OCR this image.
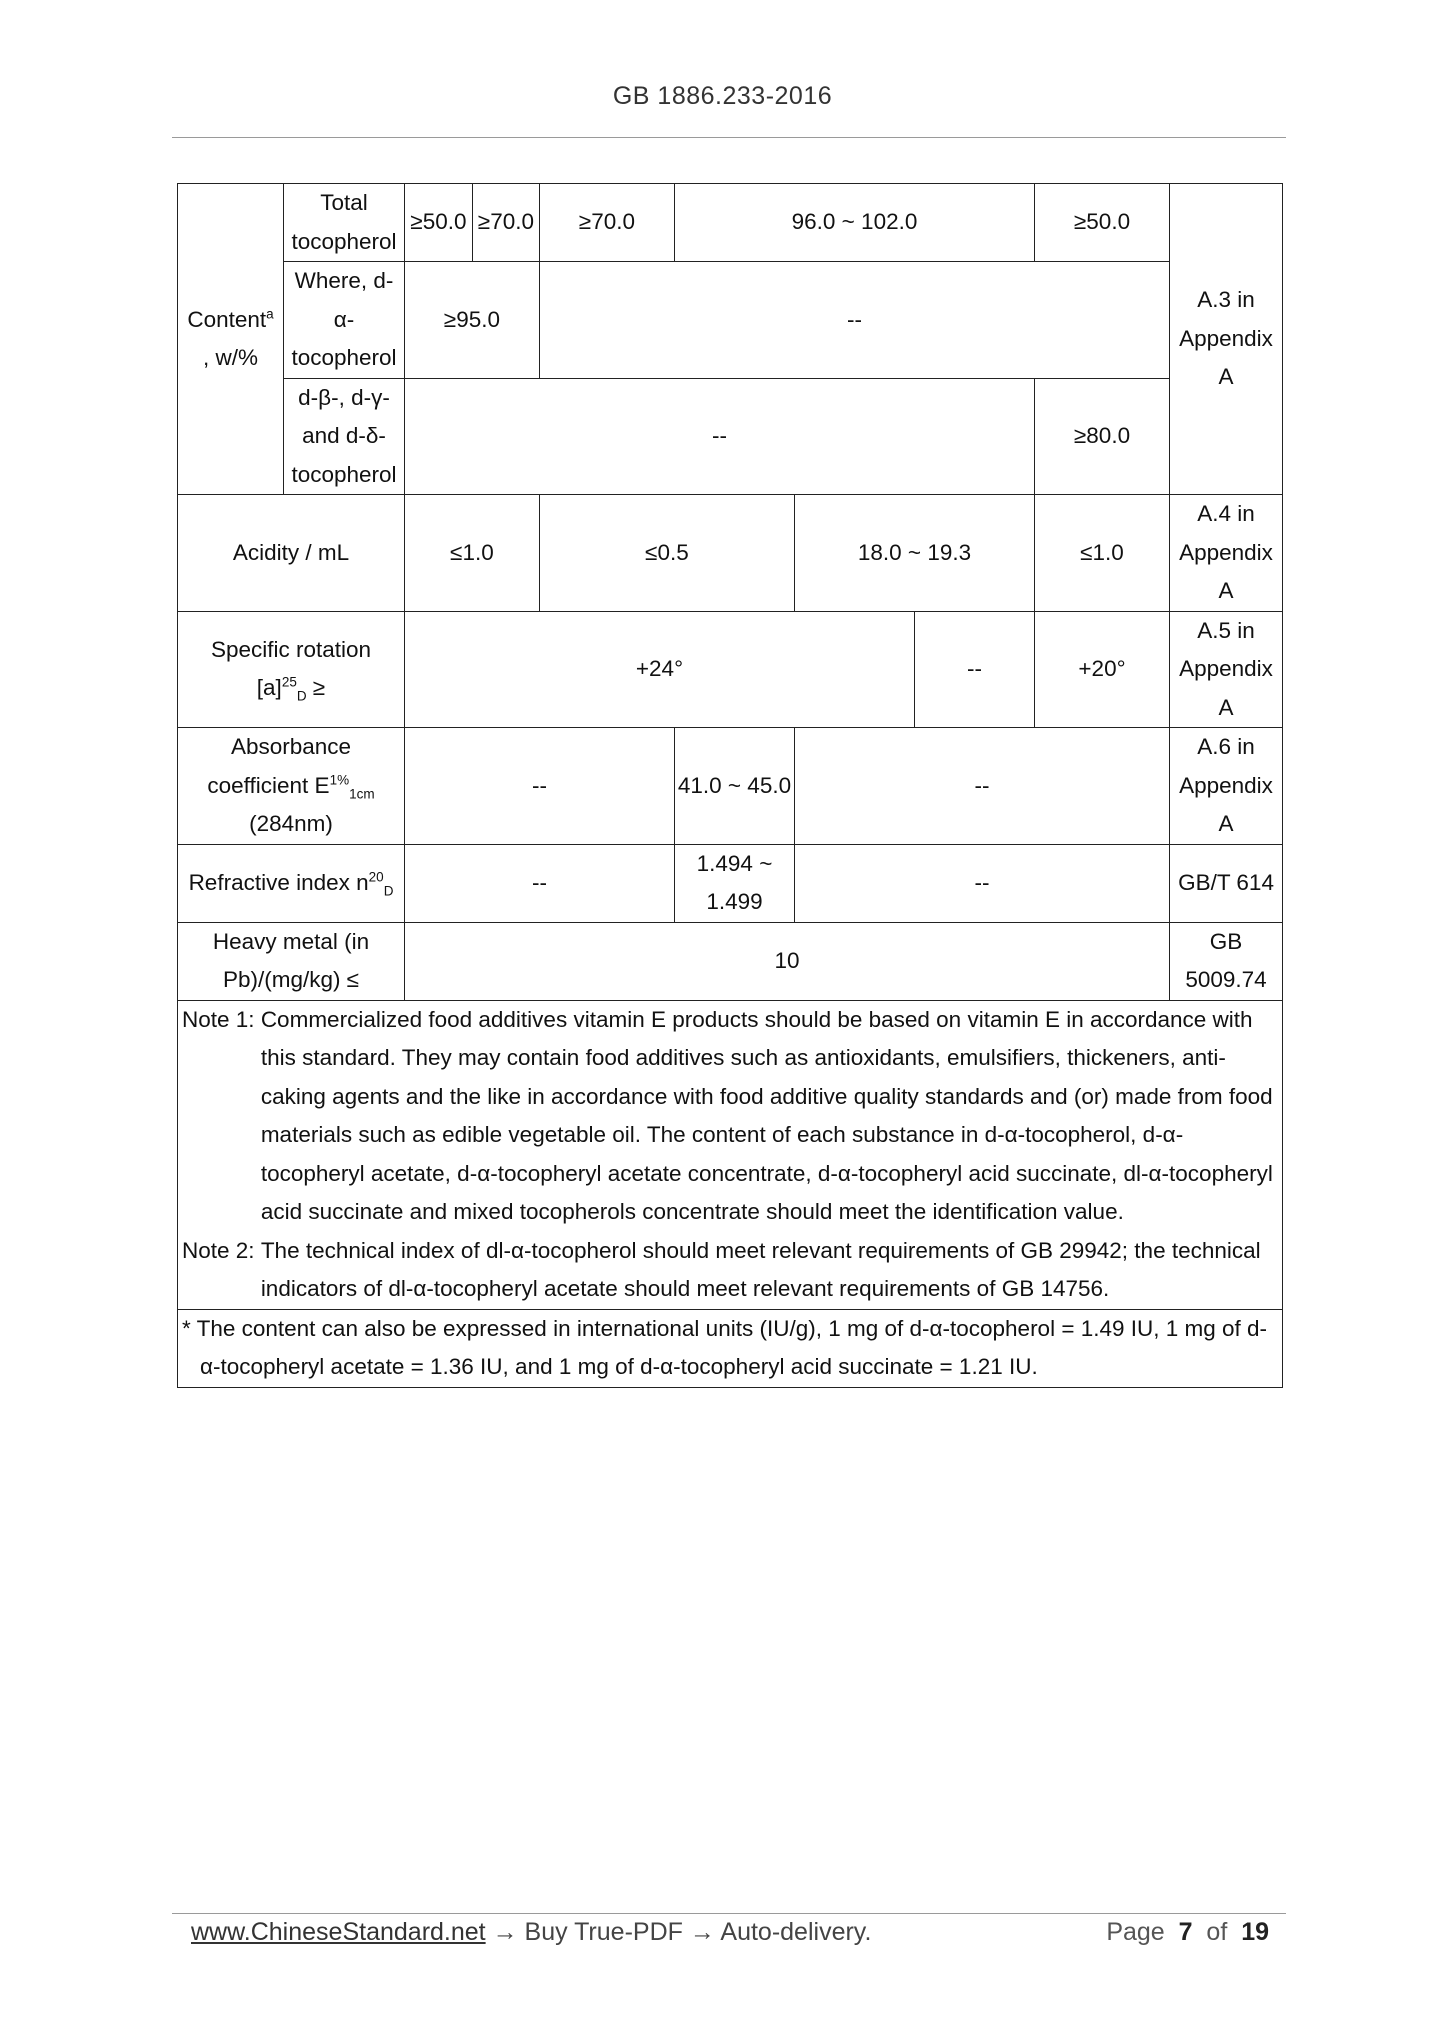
GB 1886.233-2016
Content$^a$
, w/%	Total tocopherol	≥50.0	≥70.0	≥70.0	96.0 ~ 102.0			≥50.0	A.3 in Appendix A
	Where, d-α-tocopherol	≥95.0		--					
	d-β-, d-γ- and d-δ-tocopherol	--						≥80.0	
Acidity / mL		≤1.0		≤0.5		18.0 ~ 19.3		≤1.0	A.4 in Appendix A
Specific rotation
$[a]^{25}_D$ ≥		+24°					--	+20°	A.5 in Appendix A
Absorbance
coefficient $E^{1\%}_{1cm}$
(284nm)		--			41.0 ~ 45.0	--			A.6 in Appendix A
Refractive index $n^{20}_D$		--			1.494 ~ 1.499	--			GB/T 614
Heavy metal (in Pb)/(mg/kg) ≤		10							GB 5009.74

Note 1:
Commercialized food additives vitamin E products should be based on vitamin E in accordance with this standard. They may contain food additives such as antioxidants, emulsifiers, thickeners, anti-caking agents and the like in accordance with food additive quality standards and (or) made from food materials such as edible vegetable oil. The content of each substance in d-α-tocopherol, d-α-tocopheryl acetate, d-α-tocopheryl acetate concentrate, d-α-tocopheryl acid succinate, dl-α-tocopheryl acid succinate and mixed tocopherols concentrate should meet the identification value.
Note 2:
The technical index of dl-α-tocopherol should meet relevant requirements of GB 29942; the technical indicators of dl-α-tocopheryl acetate should meet relevant requirements of GB 14756.									

* The content can also be expressed in international units (IU/g), 1 mg of d-α-tocopherol = 1.49 IU, 1 mg of d-α-tocopheryl acetate = 1.36 IU, and 1 mg of d-α-tocopheryl acid succinate = 1.21 IU.									
www.ChineseStandard.net → Buy True-PDF → Auto-delivery.	Page 7 of 19
